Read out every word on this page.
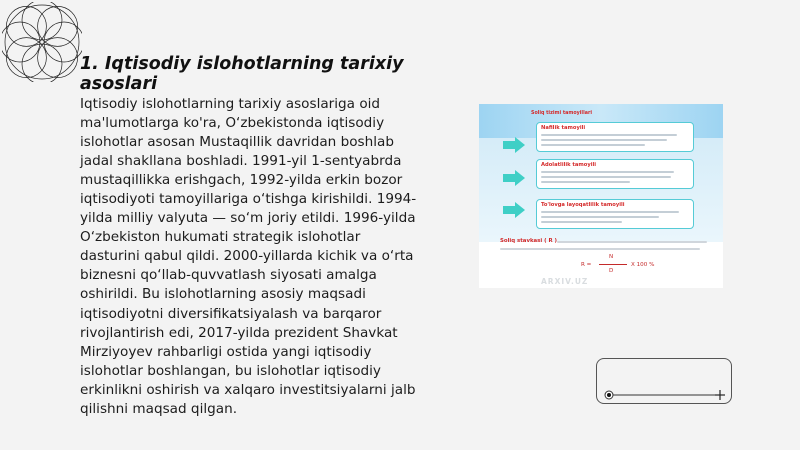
1. Iqtisodiy islohotlarning tarixiy asoslari
Iqtisodiy islohotlarning tarixiy asoslariga oid ma'lumotlarga ko'ra, O‘zbekistonda iqtisodiy islohotlar asosan Mustaqillik davridan boshlab jadal shakllana boshladi. 1991-yil 1-sentyabrda mustaqillikka erishgach, 1992-yilda erkin bozor iqtisodiyoti tamoyillariga o‘tishga kirishildi. 1994-yilda milliy valyuta — so‘m joriy etildi. 1996-yilda O‘zbekiston hukumati strategik islohotlar dasturini qabul qildi. 2000-yillarda kichik va o‘rta biznesni qo‘llab-quvvatlash siyosati amalga oshirildi. Bu islohotlarning asosiy maqsadi iqtisodiyotni diversifikatsiyalash va barqaror rivojlantirish edi, 2017-yilda prezident Shavkat Mirziyoyev rahbarligi ostida yangi iqtisodiy islohotlar boshlangan, bu islohotlar iqtisodiy erkinlikni oshirish va xalqaro investitsiyalarni jalb qilishni maqsad qilgan.
Soliq tizimi tamoyillari
Nafilik tamoyili
Adolatlilik tamoyili
To'lovga layoqatlilik tamoyili
Soliq stavkasi ( R )
R =
N
D
X 100 %
ARXIV.UZ
